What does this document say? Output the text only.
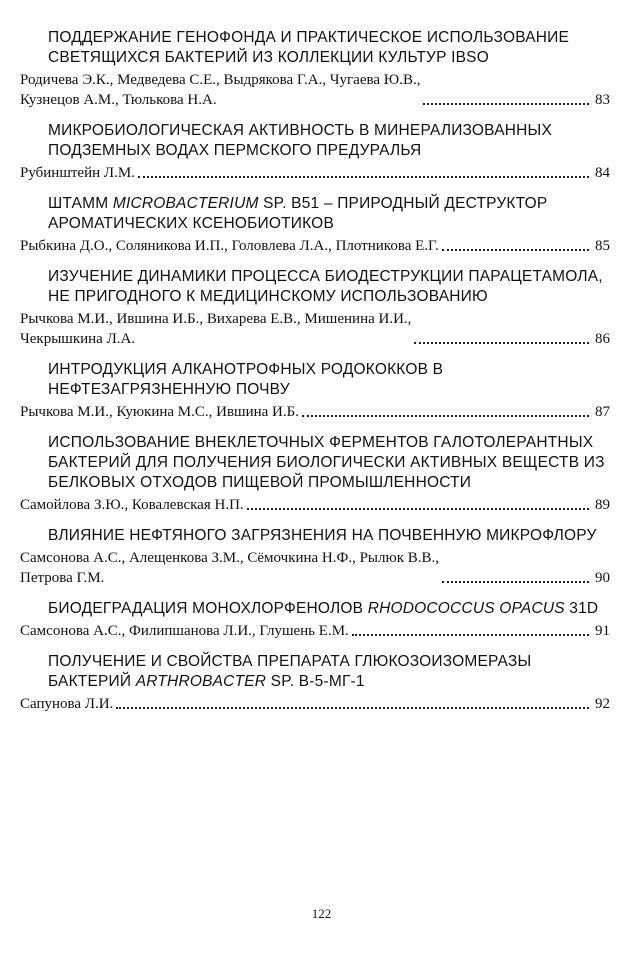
ПОДДЕРЖАНИЕ ГЕНОФОНДА И ПРАКТИЧЕСКОЕ ИСПОЛЬЗОВАНИЕ СВЕТЯЩИХСЯ БАКТЕРИЙ ИЗ КОЛЛЕКЦИИ КУЛЬТУР IBSO

Родичева Э.К., Медведева С.Е., Выдрякова Г.А., Чугаева Ю.В.,
Кузнецов А.М., Тюлькова Н.А.	83

МИКРОБИОЛОГИЧЕСКАЯ АКТИВНОСТЬ В МИНЕРАЛИЗОВАННЫХ ПОДЗЕМНЫХ ВОДАХ ПЕРМСКОГО ПРЕДУРАЛЬЯ

Рубинштейн Л.М.	84

ШТАММ MICROBACTERIUM SP. B51 – ПРИРОДНЫЙ ДЕСТРУКТОР АРОМАТИЧЕСКИХ КСЕНОБИОТИКОВ

Рыбкина Д.О., Соляникова И.П., Головлева Л.А., Плотникова Е.Г.	85

ИЗУЧЕНИЕ ДИНАМИКИ ПРОЦЕССА БИОДЕСТРУКЦИИ ПАРАЦЕТАМОЛА, НЕ ПРИГОДНОГО К МЕДИЦИНСКОМУ ИСПОЛЬЗОВАНИЮ

Рычкова М.И., Ившина И.Б., Вихарева Е.В., Мишенина И.И.,
Чекрышкина Л.А.	86

ИНТРОДУКЦИЯ АЛКАНОТРОФНЫХ РОДОКОККОВ В НЕФТЕЗАГРЯЗНЕННУЮ ПОЧВУ

Рычкова М.И., Куюкина М.С., Ившина И.Б.	87

ИСПОЛЬЗОВАНИЕ ВНЕКЛЕТОЧНЫХ ФЕРМЕНТОВ ГАЛОТОЛЕРАНТНЫХ БАКТЕРИЙ ДЛЯ ПОЛУЧЕНИЯ БИОЛОГИЧЕСКИ АКТИВНЫХ ВЕЩЕСТВ ИЗ БЕЛКОВЫХ ОТХОДОВ ПИЩЕВОЙ ПРОМЫШЛЕННОСТИ

Самойлова З.Ю., Ковалевская Н.П.	89

ВЛИЯНИЕ НЕФТЯНОГО ЗАГРЯЗНЕНИЯ НА ПОЧВЕННУЮ МИКРОФЛОРУ

Самсонова А.С., Алещенкова З.М., Сёмочкина Н.Ф., Рылюк В.В.,
Петрова Г.М.	90

БИОДЕГРАДАЦИЯ МОНОХЛОРФЕНОЛОВ RHODOCOCCUS OPACUS 31D

Самсонова А.С., Филипшанова Л.И., Глушень Е.М.	91

ПОЛУЧЕНИЕ И СВОЙСТВА ПРЕПАРАТА ГЛЮКОЗОИЗОМЕРАЗЫ БАКТЕРИЙ ARTHROBACTER SP. В-5-МГ-1

Сапунова Л.И.	92
122
